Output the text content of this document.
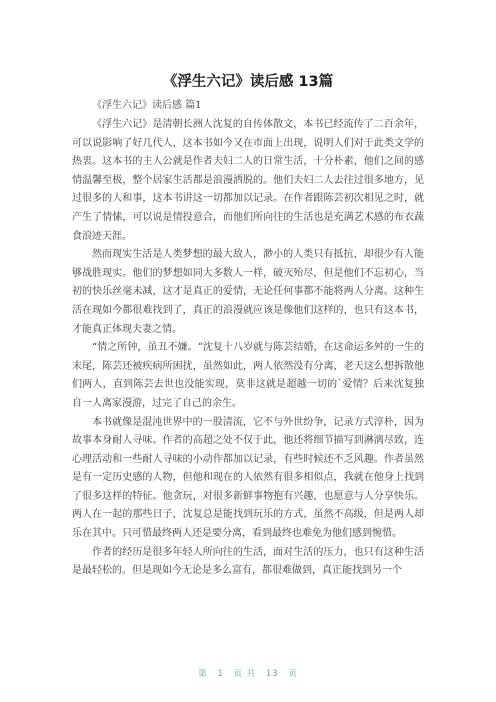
《浮生六记》读后感 13篇

《浮生六记》读后感 篇1

《浮生六记》是清朝长洲人沈复的自传体散文，本书已经流传了二百余年，可以说影响了好几代人，这本书如今又在市面上出现，说明人们对于此类文学的热衷。这本书的主人公就是作者夫妇二人的日常生活，十分朴素，他们之间的感情温馨至极，整个居家生活都是浪漫洒脱的。他们夫妇二人去往过很多地方，见过很多的人和事，这本书讲这一切都加以记录。在作者跟陈芸初次相见之时，就产生了情愫，可以说是情投意合，而他们所向往的生活也是充满艺术感的布衣蔬食浪迹天涯。

然而现实生活是人类梦想的最大敌人，渺小的人类只有抵抗，却很少有人能够战胜现实。他们的梦想如同大多数人一样，破灭殆尽，但是他们不忘初心，当初的快乐丝毫未减，这才是真正的爱情，无论任何事都不能将两人分离。这种生活在现如今都很难找到了，真正的浪漫就应该是像他们这样的，也只有这本书，才能真正体现夫妻之情。

“情之所钟，虽丑不嫌。“沈复十八岁就与陈芸结婚，在这命运多舛的一生的末尾，陈芸还被疾病所困扰，虽然如此，两人依然没有分离，老天这么想拆散他们两人，直到陈芸去世也没能实现，莫非这就是超越一切的`爱情？后来沈复独自一人离家漫游，过完了自己的余生。

本书就像是混沌世界中的一股清流，它不与外世纷争，记录方式淳朴，因为故事本身耐人寻味。作者的高超之处不仅于此，他还将细节描写到淋漓尽致，连心理活动和一些耐人寻味的小动作都加以记录，有些时候还不乏风趣。作者虽然是有一定历史感的人物，但他和现在的人依然有很多相似点，我就在他身上找到了很多这样的特征。他贪玩，对很多新鲜事物抱有兴趣，也愿意与人分享快乐。两人在一起的那些日子，沈复总是能找到玩乐的方式，虽然不高级，但是两人却乐在其中。只可惜最终两人还是要分离，看到最终也难免为他们感到惋惜。

作者的经历是很多年轻人所向往的生活，面对生活的压力，也只有这种生活是最轻松的。但是现如今无论是多么富有，都很难做到，真正能找到另一个

第 1 页 共 13 页
